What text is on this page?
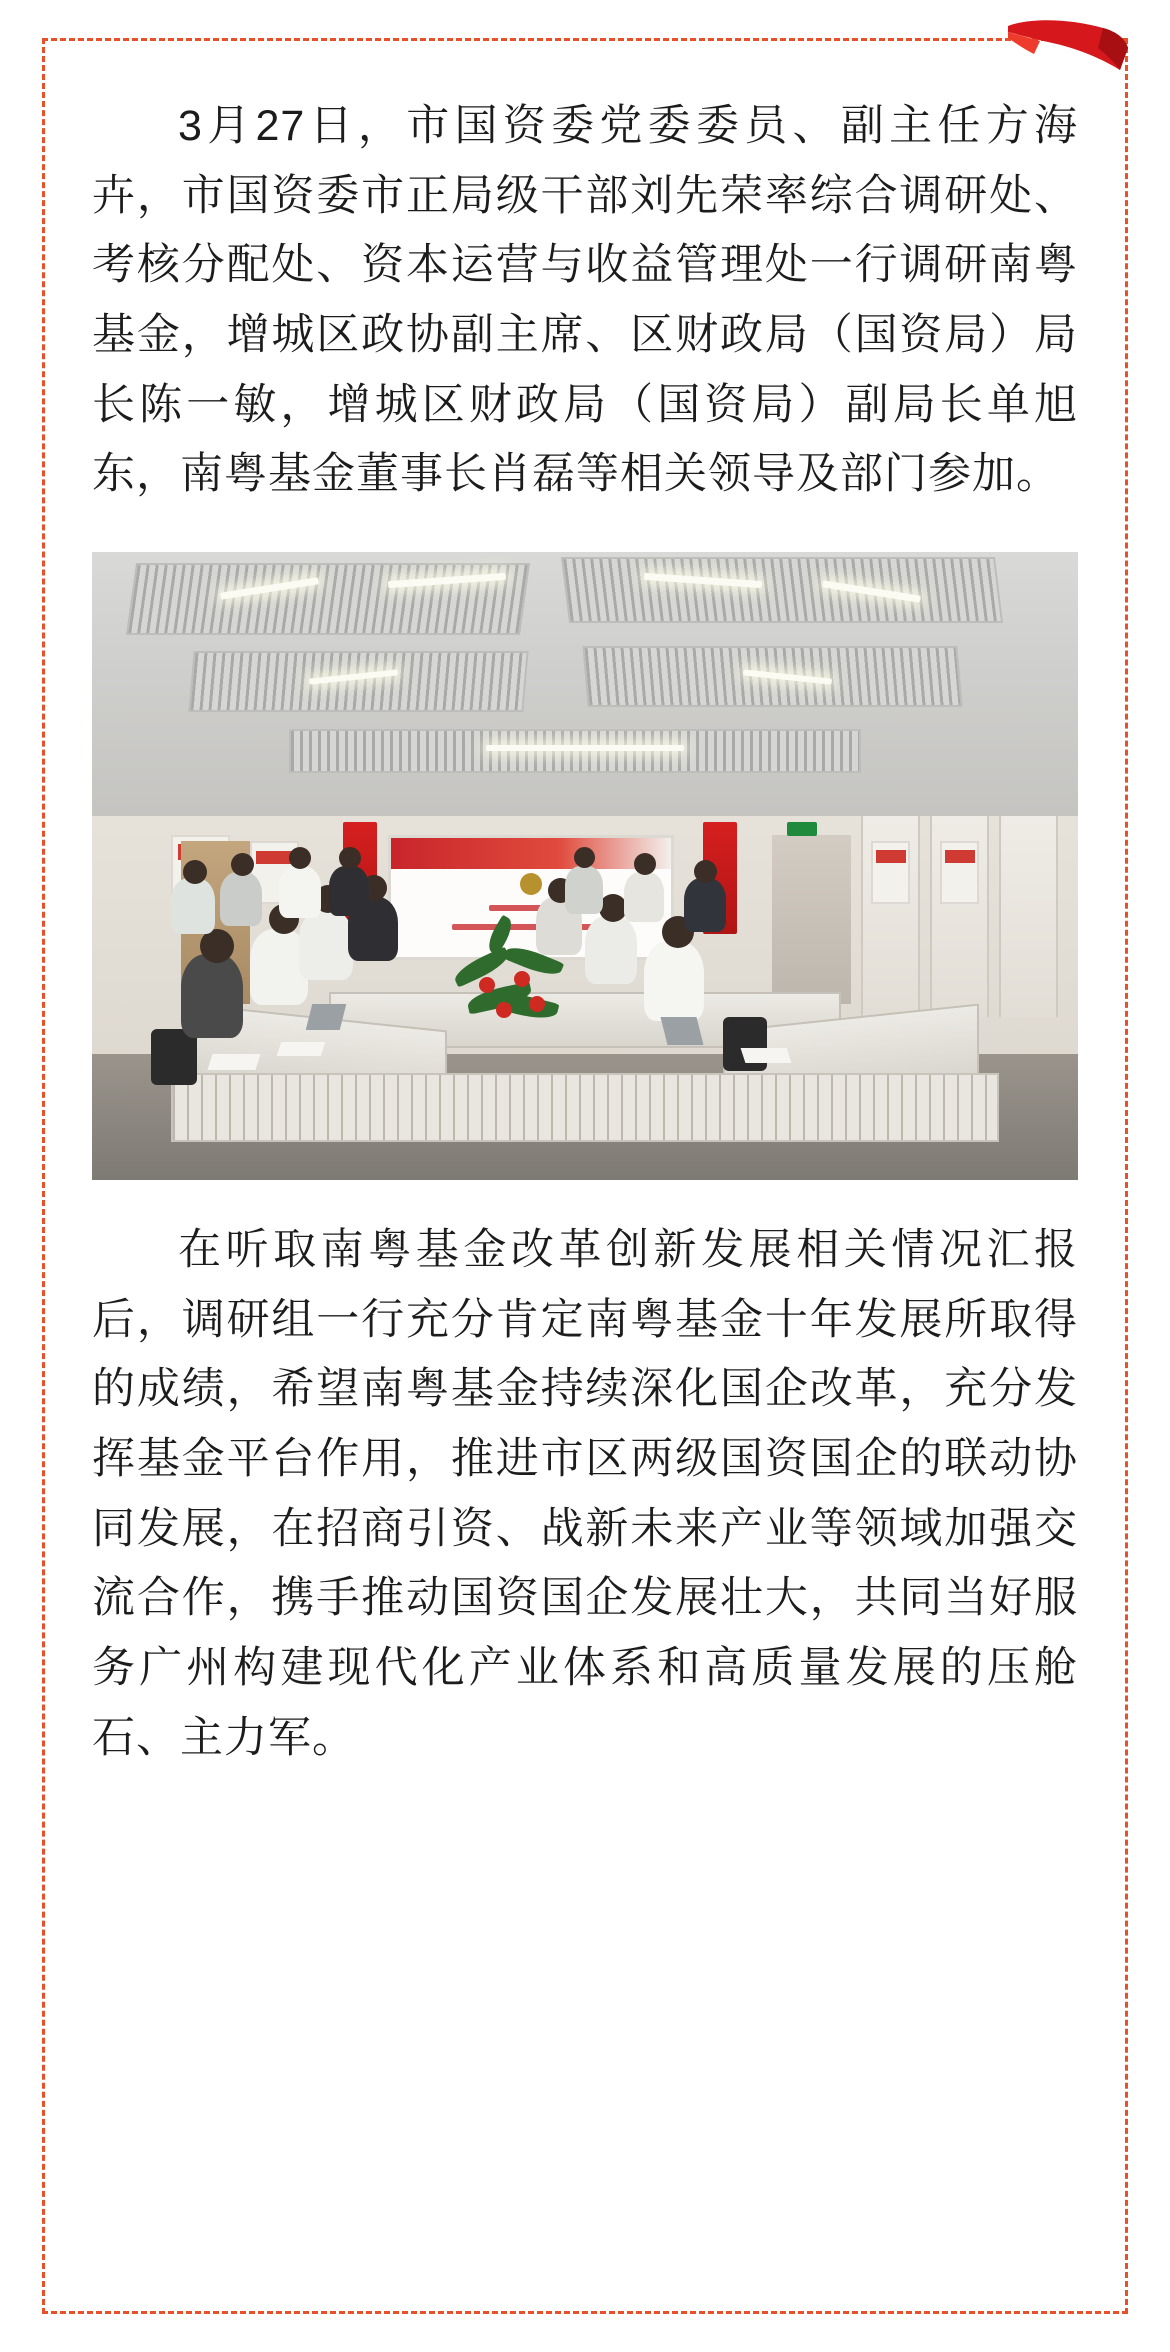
3月27日，市国资委党委委员、副主任方海卉，市国资委市正局级干部刘先荣率综合调研处、考核分配处、资本运营与收益管理处一行调研南粤基金，增城区政协副主席、区财政局（国资局）局长陈一敏，增城区财政局（国资局）副局长单旭东，南粤基金董事长肖磊等相关领导及部门参加。

在听取南粤基金改革创新发展相关情况汇报后，调研组一行充分肯定南粤基金十年发展所取得的成绩，希望南粤基金持续深化国企改革，充分发挥基金平台作用，推进市区两级国资国企的联动协同发展，在招商引资、战新未来产业等领域加强交流合作，携手推动国资国企发展壮大，共同当好服务广州构建现代化产业体系和高质量发展的压舱石、主力军。
